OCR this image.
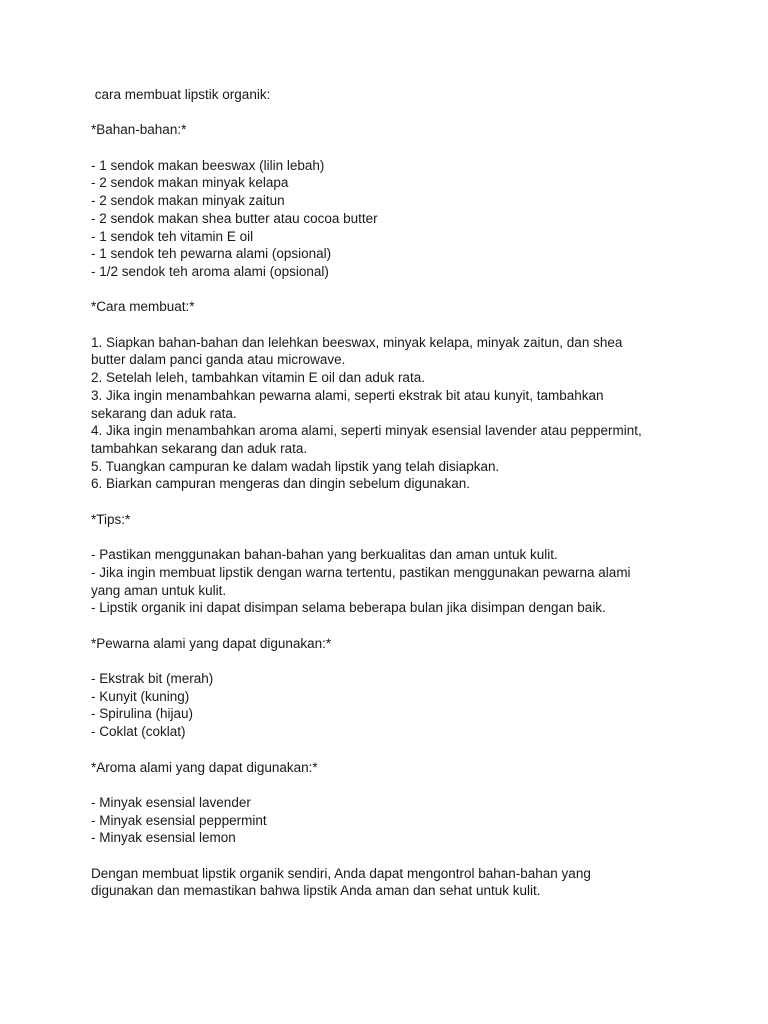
cara membuat lipstik organik:
*Bahan-bahan:*
- 1 sendok makan beeswax (lilin lebah)
- 2 sendok makan minyak kelapa
- 2 sendok makan minyak zaitun
- 2 sendok makan shea butter atau cocoa butter
- 1 sendok teh vitamin E oil
- 1 sendok teh pewarna alami (opsional)
- 1/2 sendok teh aroma alami (opsional)
*Cara membuat:*
1. Siapkan bahan-bahan dan lelehkan beeswax, minyak kelapa, minyak zaitun, dan shea
butter dalam panci ganda atau microwave.
2. Setelah leleh, tambahkan vitamin E oil dan aduk rata.
3. Jika ingin menambahkan pewarna alami, seperti ekstrak bit atau kunyit, tambahkan
sekarang dan aduk rata.
4. Jika ingin menambahkan aroma alami, seperti minyak esensial lavender atau peppermint,
tambahkan sekarang dan aduk rata.
5. Tuangkan campuran ke dalam wadah lipstik yang telah disiapkan.
6. Biarkan campuran mengeras dan dingin sebelum digunakan.
*Tips:*
- Pastikan menggunakan bahan-bahan yang berkualitas dan aman untuk kulit.
- Jika ingin membuat lipstik dengan warna tertentu, pastikan menggunakan pewarna alami
yang aman untuk kulit.
- Lipstik organik ini dapat disimpan selama beberapa bulan jika disimpan dengan baik.
*Pewarna alami yang dapat digunakan:*
- Ekstrak bit (merah)
- Kunyit (kuning)
- Spirulina (hijau)
- Coklat (coklat)
*Aroma alami yang dapat digunakan:*
- Minyak esensial lavender
- Minyak esensial peppermint
- Minyak esensial lemon
Dengan membuat lipstik organik sendiri, Anda dapat mengontrol bahan-bahan yang
digunakan dan memastikan bahwa lipstik Anda aman dan sehat untuk kulit.
